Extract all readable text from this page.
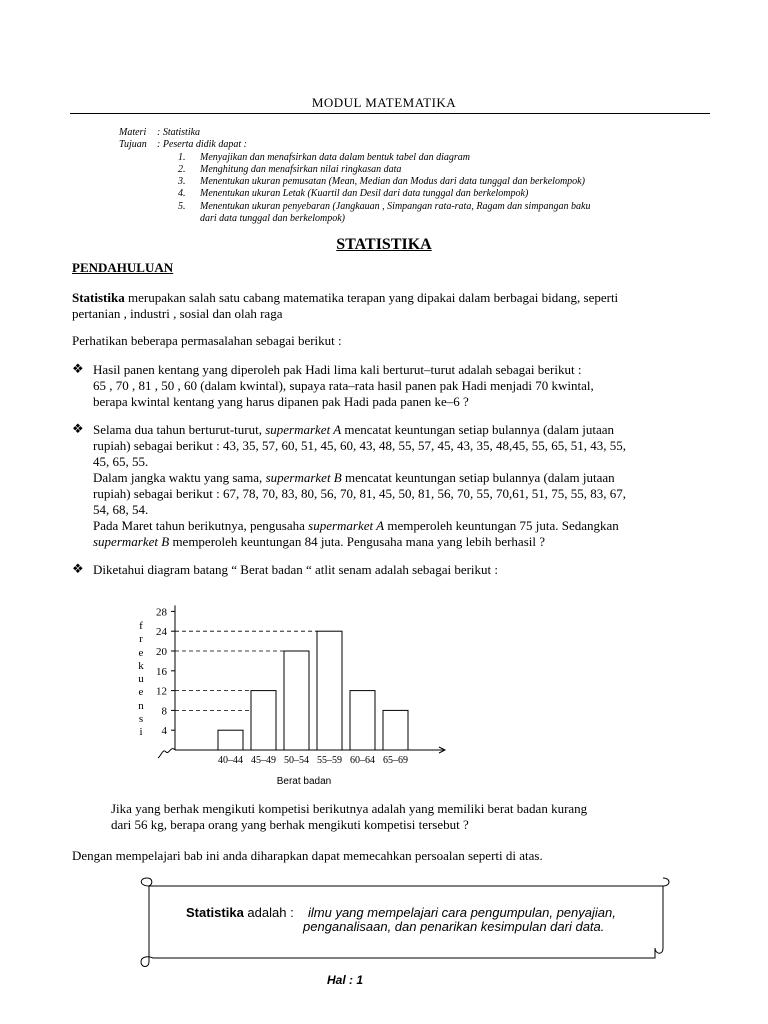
MODUL MATEMATIKA
Materi : Statistika
Tujuan : Peserta didik dapat :
1. Menyajikan dan menafsirkan data dalam bentuk tabel dan diagram
2. Menghitung dan menafsirkan nilai ringkasan data
3. Menentukan ukuran pemusatan (Mean, Median dan Modus dari data tunggal dan berkelompok)
4. Menentukan ukuran Letak (Kuartil dan Desil dari data tunggal dan berkelompok)
5. Menentukan ukuran penyebaran (Jangkauan , Simpangan rata-rata, Ragam dan simpangan baku
dari data tunggal dan berkelompok)
STATISTIKA
PENDAHULUAN
Statistika merupakan salah satu cabang matematika terapan yang dipakai dalam berbagai bidang, seperti
pertanian , industri , sosial dan olah raga
Perhatikan beberapa permasalahan sebagai berikut :
❖ Hasil panen kentang yang diperoleh pak Hadi lima kali berturut–turut adalah sebagai berikut :
65 , 70 , 81 , 50 , 60 (dalam kwintal), supaya rata–rata hasil panen pak Hadi menjadi 70 kwintal,
berapa kwintal kentang yang harus dipanen pak Hadi pada panen ke–6 ?
❖ Selama dua tahun berturut-turut, supermarket A mencatat keuntungan setiap bulannya (dalam jutaan
rupiah) sebagai berikut : 43, 35, 57, 60, 51, 45, 60, 43, 48, 55, 57, 45, 43, 35, 48,45, 55, 65, 51, 43, 55,
45, 65, 55.
Dalam jangka waktu yang sama, supermarket B mencatat keuntungan setiap bulannya (dalam jutaan
rupiah) sebagai berikut : 67, 78, 70, 83, 80, 56, 70, 81, 45, 50, 81, 56, 70, 55, 70,61, 51, 75, 55, 83, 67,
54, 68, 54.
Pada Maret tahun berikutnya, pengusaha supermarket A memperoleh keuntungan 75 juta. Sedangkan
supermarket B memperoleh keuntungan 84 juta. Pengusaha mana yang lebih berhasil ?
❖ Diketahui diagram batang “ Berat badan “ atlit senam adalah sebagai berikut :
4
8
12
16
20
24
28
40–44 45–49 50–54 55–59 60–64 65–69
Berat badan
f
r
e
k
u
e
n
s
i
Jika yang berhak mengikuti kompetisi berikutnya adalah yang memiliki berat badan kurang
dari 56 kg, berapa orang yang berhak mengikuti kompetisi tersebut ?
Dengan mempelajari bab ini anda diharapkan dapat memecahkan persoalan seperti di atas.
Statistika adalah : ilmu yang mempelajari cara pengumpulan, penyajian,
penganalisaan, dan penarikan kesimpulan dari data.
Hal : 1
